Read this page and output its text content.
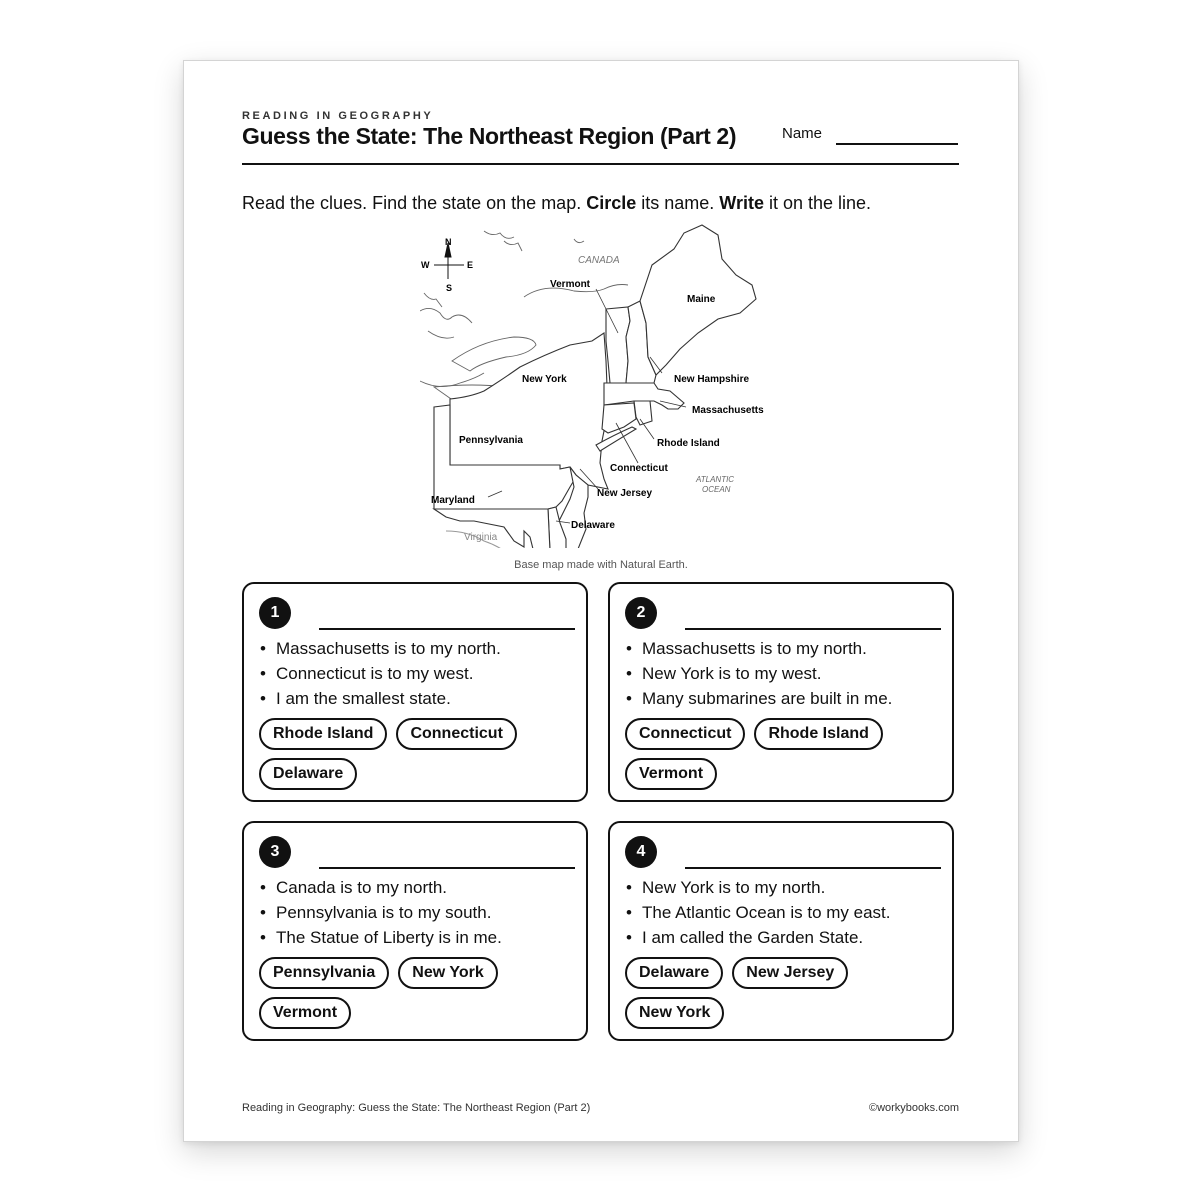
READING IN GEOGRAPHY
Guess the State: The Northeast Region (Part 2)	Name
Read the clues. Find the state on the map. Circle its name. Write it on the line.
N
S
E
W	CANADA
Vermont
Maine
New York	New Hampshire
Massachusetts
Pennsylvania	Rhode Island
Connecticut
ATLANTIC
OCEAN
New Jersey
Maryland
Delaware
Virginia
Base map made with Natural Earth.
1
• Massachusetts is to my north.
• Connecticut is to my west.
• I am the smallest state.
Rhode Island	Connecticut
Delaware
2
• Massachusetts is to my north.
• New York is to my west.
• Many submarines are built in me.
Connecticut	Rhode Island
Vermont
3
• Canada is to my north.
• Pennsylvania is to my south.
• The Statue of Liberty is in me.
Pennsylvania	New York
Vermont
4
• New York is to my north.
• The Atlantic Ocean is to my east.
• I am called the Garden State.
Delaware	New Jersey
New York
Reading in Geography: Guess the State: The Northeast Region (Part 2)	©workybooks.com
